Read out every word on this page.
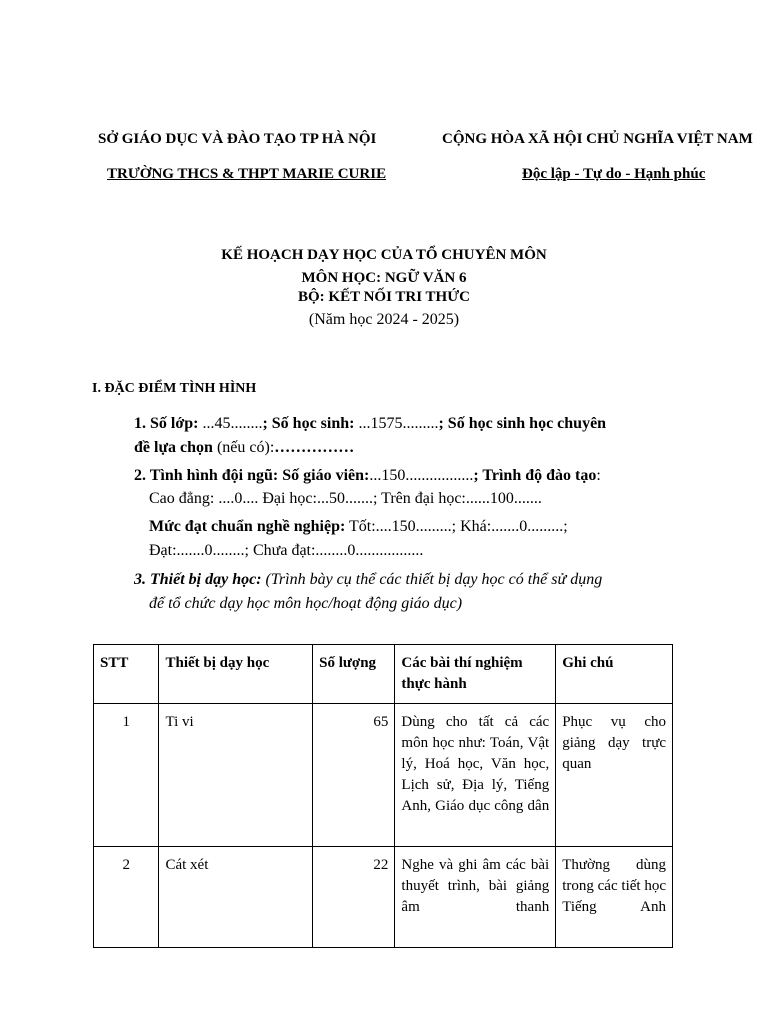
SỞ GIÁO DỤC VÀ ĐÀO TẠO TP HÀ NỘI	CỘNG HÒA XÃ HỘI CHỦ NGHĨA VIỆT NAM
TRƯỜNG THCS & THPT MARIE CURIE	Độc lập - Tự do - Hạnh phúc
KẾ HOẠCH DẠY HỌC CỦA TỔ CHUYÊN MÔN
MÔN HỌC: NGỮ VĂN 6
BỘ: KẾT NỐI TRI THỨC
(Năm học 2024 - 2025)
I. ĐẶC ĐIỂM TÌNH HÌNH
1. Số lớp: ...45........; Số học sinh: ...1575.........; Số học sinh học chuyên
đề lựa chọn (nếu có):……………
2. Tình hình đội ngũ: Số giáo viên:...150.................; Trình độ đào tạo:
Cao đẳng: ....0.... Đại học:...50.......; Trên đại học:......100.......
Mức đạt chuẩn nghề nghiệp: Tốt:....150.........; Khá:.......0.........;
Đạt:.......0........; Chưa đạt:........0.................
3. Thiết bị dạy học: (Trình bày cụ thể các thiết bị dạy học có thể sử dụng
để tổ chức dạy học môn học/hoạt động giáo dục)
STT	Thiết bị dạy học	Số lượng	Các bài thí nghiệm thực hành	Ghi chú
1	Ti vi	65	Dùng cho tất cả các môn học như: Toán, Vật lý, Hoá học, Văn học, Lịch sử, Địa lý, Tiếng Anh, Giáo dục công dân	Phục vụ cho giảng dạy trực quan
2	Cát xét	22	Nghe và ghi âm các bài thuyết trình, bài giảng âm thanh	Thường dùng trong các tiết học Tiếng Anh
